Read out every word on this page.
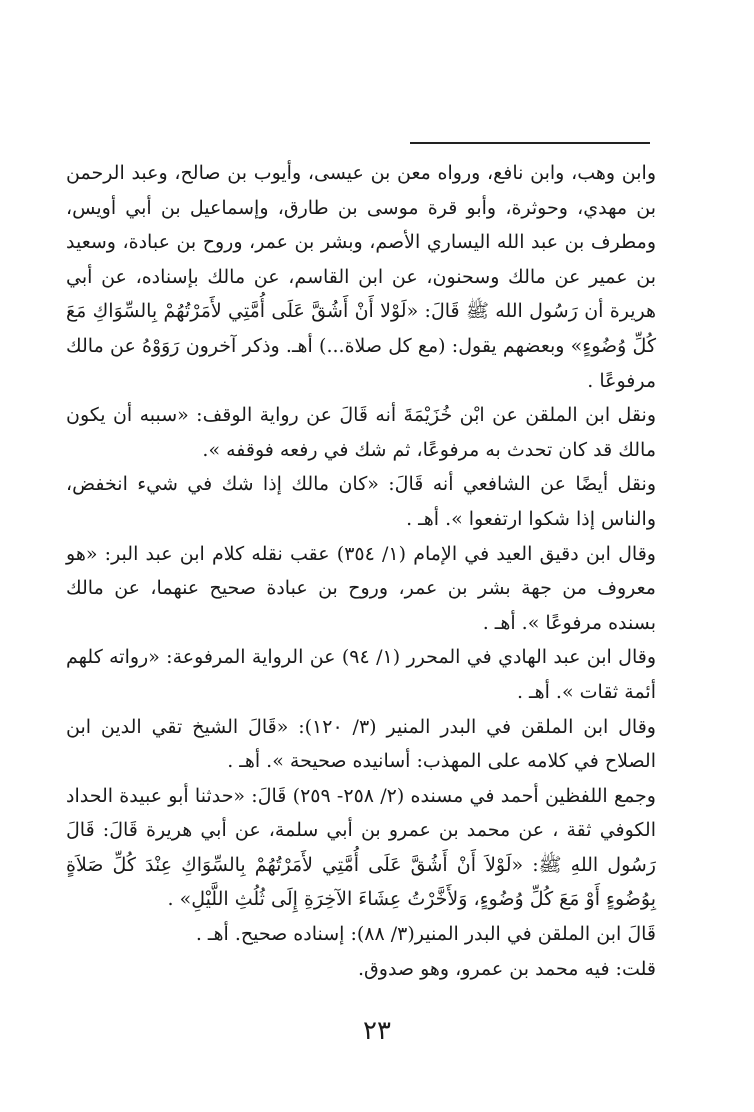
وابن وهب، وابن نافع، ورواه معن بن عيسى، وأيوب بن صالح، وعبد الرحمن بن مهدي، وحوثرة، وأبو قرة موسى بن طارق، وإسماعيل بن أبي أويس، ومطرف بن عبد الله اليساري الأصم، وبشر بن عمر، وروح بن عبادة، وسعيد بن عمير عن مالك وسحنون، عن ابن القاسم، عن مالك بإسناده، عن أبي هريرة أن رَسُول الله ﷺ قَالَ: «لَوْلا أَنْ أَشُقَّ عَلَى أُمَّتِي لأَمَرْتُهُمْ بِالسِّوَاكِ مَعَ كُلِّ وُضُوءٍ» وبعضهم يقول: (مع كل صلاة...) أهـ. وذكر آخرون رَوَوْهُ عن مالك مرفوعًا .

ونقل ابن الملقن عن ابْن خُزَيْمَةَ أنه قَالَ عن رواية الوقف: «سببه أن يكون مالك قد كان تحدث به مرفوعًا، ثم شك في رفعه فوقفه ».

ونقل أيضًا عن الشافعي أنه قَالَ: «كان مالك إذا شك في شيء انخفض، والناس إذا شكوا ارتفعوا ». أهـ .

وقال ابن دقيق العيد في الإمام (١/ ٣٥٤) عقب نقله كلام ابن عبد البر: «هو معروف من جهة بشر بن عمر، وروح بن عبادة صحيح عنهما، عن مالك بسنده مرفوعًا ». أهـ .

وقال ابن عبد الهادي في المحرر (١/ ٩٤) عن الرواية المرفوعة: «رواته كلهم أئمة ثقات ». أهـ .

وقال ابن الملقن في البدر المنير (٣/ ١٢٠): «قَالَ الشيخ تقي الدين ابن الصلاح في كلامه على المهذب: أسانيده صحيحة ». أهـ .

وجمع اللفظين أحمد في مسنده (٢/ ٢٥٨- ٢٥٩) قَالَ: «حدثنا أبو عبيدة الحداد الكوفي ثقة ، عن محمد بن عمرو بن أبي سلمة، عن أبي هريرة قَالَ: قَالَ رَسُول اللهِ ﷺ: «لَوْلاَ أَنْ أَشُقَّ عَلَى أُمَّتِي لأَمَرْتُهُمْ بِالسِّوَاكِ عِنْدَ كُلِّ صَلاَةٍ بِوُضُوءٍ أَوْ مَعَ كُلِّ وُضُوءٍ، وَلأَخَّرْتُ عِشَاءَ الآخِرَةِ إِلَى ثُلُثِ اللَّيْلِ» .

قَالَ ابن الملقن في البدر المنير(٣/ ٨٨): إسناده صحيح. أهـ .

قلت: فيه محمد بن عمرو، وهو صدوق.

٢٣
